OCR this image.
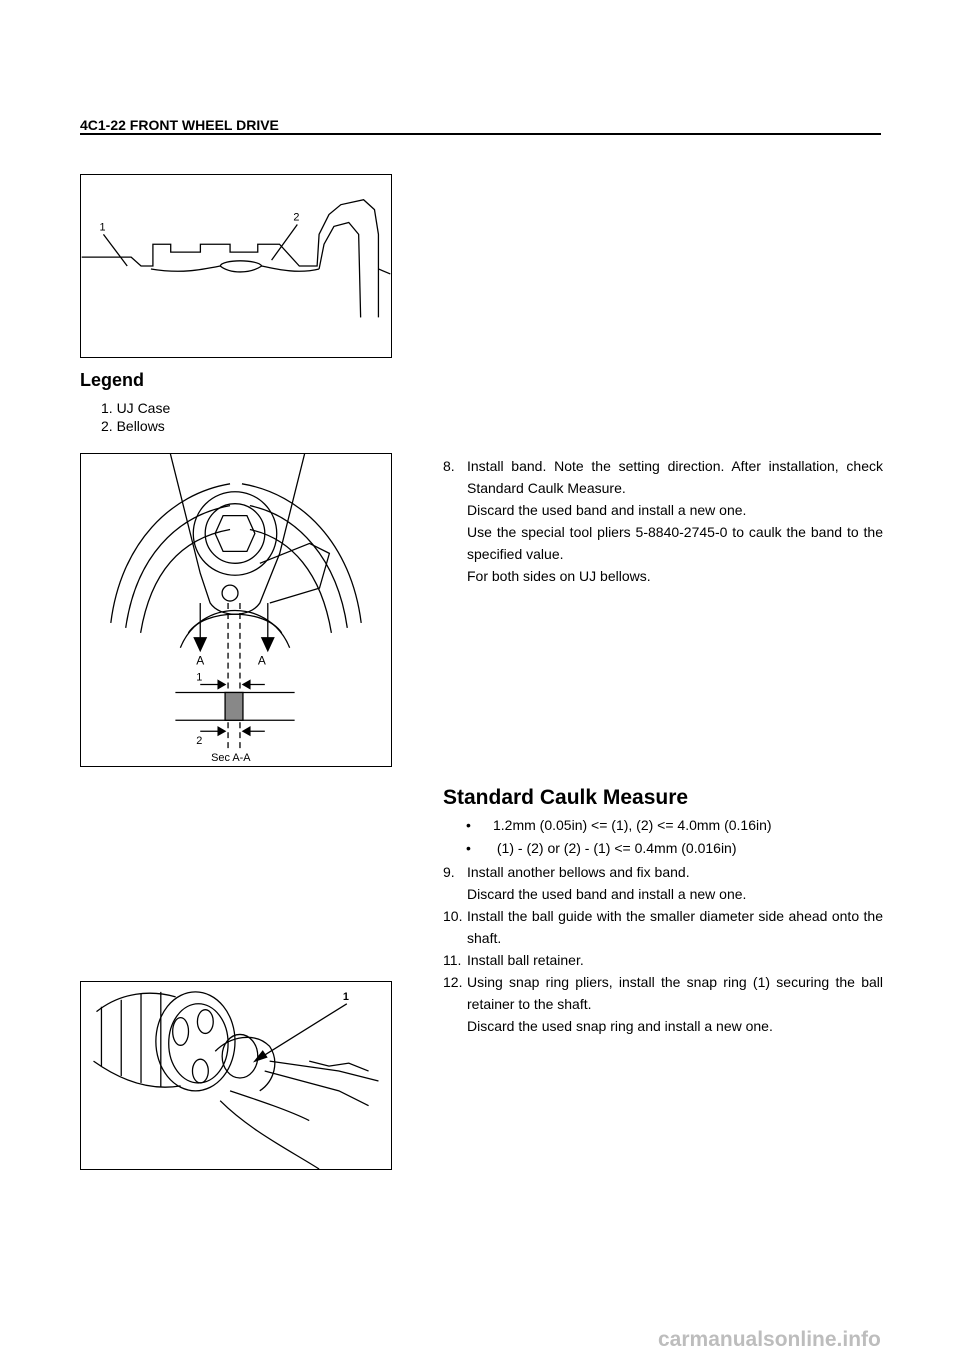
4C1-22 FRONT WHEEL DRIVE
1
2
Legend
1. UJ Case
2. Bellows
A	A
1
2
Sec A-A
8. Install band. Note the setting direction. After installation, check Standard Caulk Measure.
Discard the used band and install a new one.
Use the special tool pliers 5-8840-2745-0 to caulk the band to the specified value.
For both sides on UJ bellows.
Standard Caulk Measure
•	1.2mm (0.05in) <= (1), (2) <= 4.0mm (0.16in)
•	(1) - (2) or (2) - (1) <= 0.4mm (0.016in)
9. Install another bellows and fix band.
Discard the used band and install a new one.
10. Install the ball guide with the smaller diameter side ahead onto the shaft.
11. Install ball retainer.
12. Using snap ring pliers, install the snap ring (1) securing the ball retainer to the shaft.
Discard the used snap ring and install a new one.
1
carmanualsonline.info
